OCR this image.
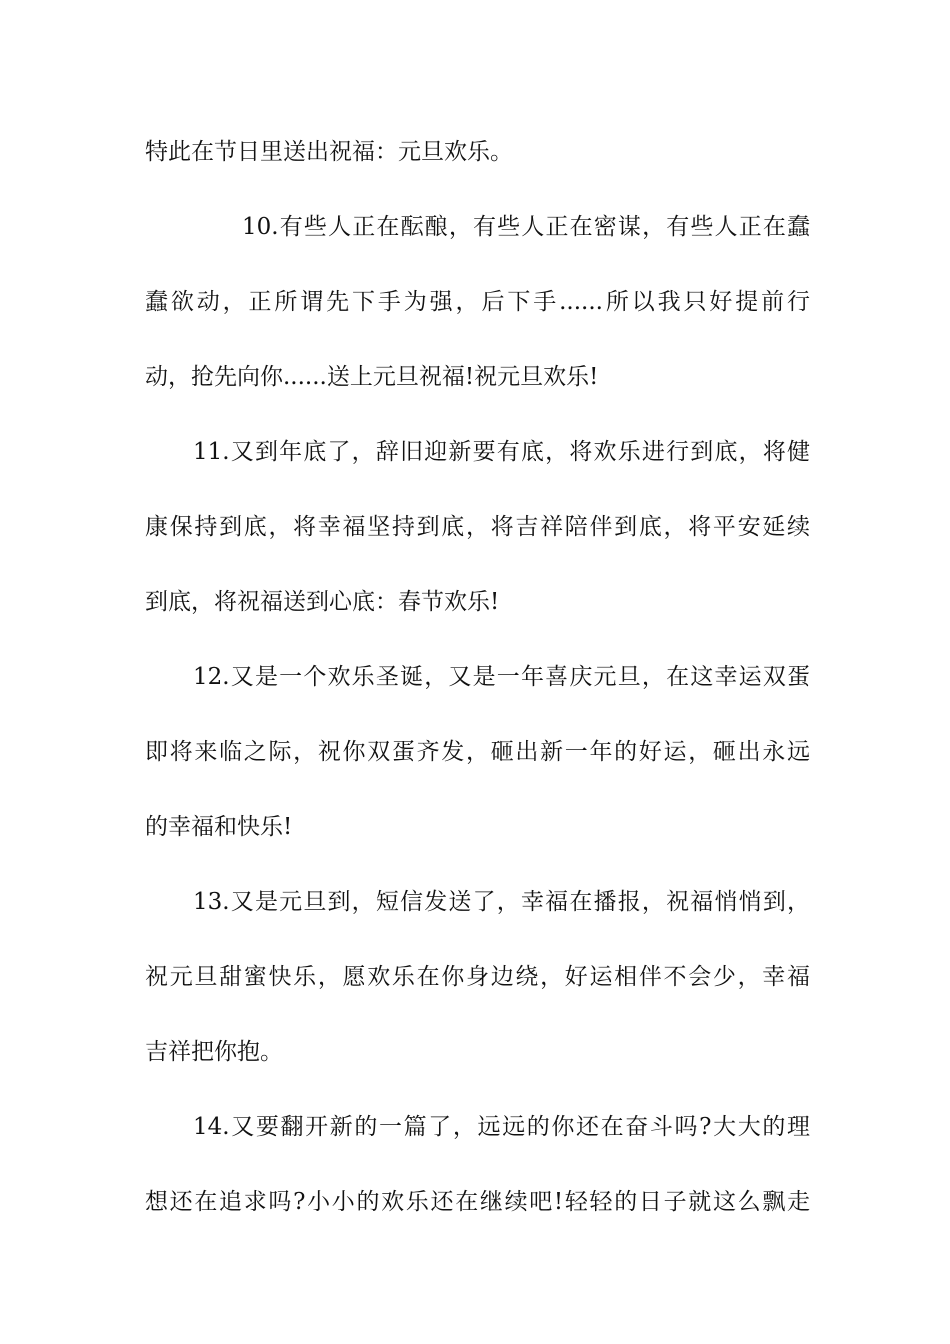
特此在节日里送出祝福：元旦欢乐。
10.有些人正在酝酿，有些人正在密谋，有些人正在蠢
蠢欲动，正所谓先下手为强，后下手......所以我只好提前行
动，抢先向你......送上元旦祝福!祝元旦欢乐!
11.又到年底了，辞旧迎新要有底，将欢乐进行到底，将健
康保持到底，将幸福坚持到底，将吉祥陪伴到底，将平安延续
到底，将祝福送到心底：春节欢乐!
12.又是一个欢乐圣诞，又是一年喜庆元旦，在这幸运双蛋
即将来临之际，祝你双蛋齐发，砸出新一年的好运，砸出永远
的幸福和快乐!
13.又是元旦到，短信发送了，幸福在播报，祝福悄悄到，
祝元旦甜蜜快乐，愿欢乐在你身边绕，好运相伴不会少，幸福
吉祥把你抱。
14.又要翻开新的一篇了，远远的你还在奋斗吗?大大的理
想还在追求吗?小小的欢乐还在继续吧!轻轻的日子就这么飘走
